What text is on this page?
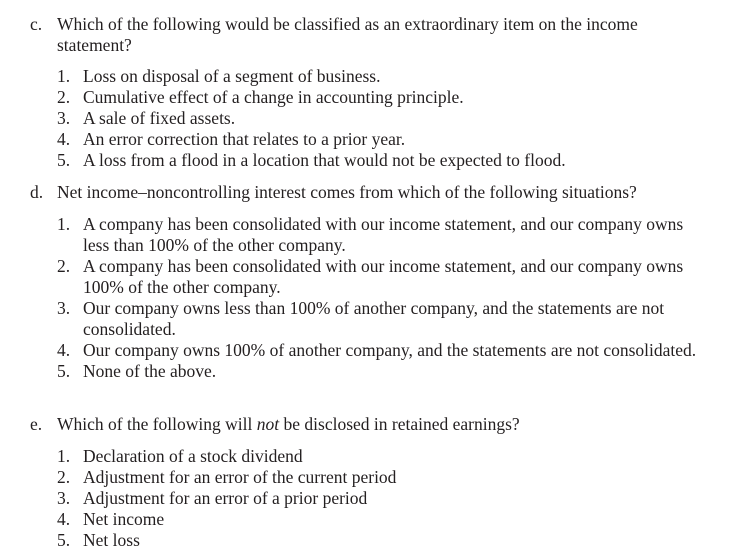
c. Which of the following would be classified as an extraordinary item on the income statement?
1. Loss on disposal of a segment of business.
2. Cumulative effect of a change in accounting principle.
3. A sale of fixed assets.
4. An error correction that relates to a prior year.
5. A loss from a flood in a location that would not be expected to flood.
d. Net income–noncontrolling interest comes from which of the following situations?
1. A company has been consolidated with our income statement, and our company owns less than 100% of the other company.
2. A company has been consolidated with our income statement, and our company owns 100% of the other company.
3. Our company owns less than 100% of another company, and the statements are not consolidated.
4. Our company owns 100% of another company, and the statements are not consolidated.
5. None of the above.
e. Which of the following will not be disclosed in retained earnings?
1. Declaration of a stock dividend
2. Adjustment for an error of the current period
3. Adjustment for an error of a prior period
4. Net income
5. Net loss
